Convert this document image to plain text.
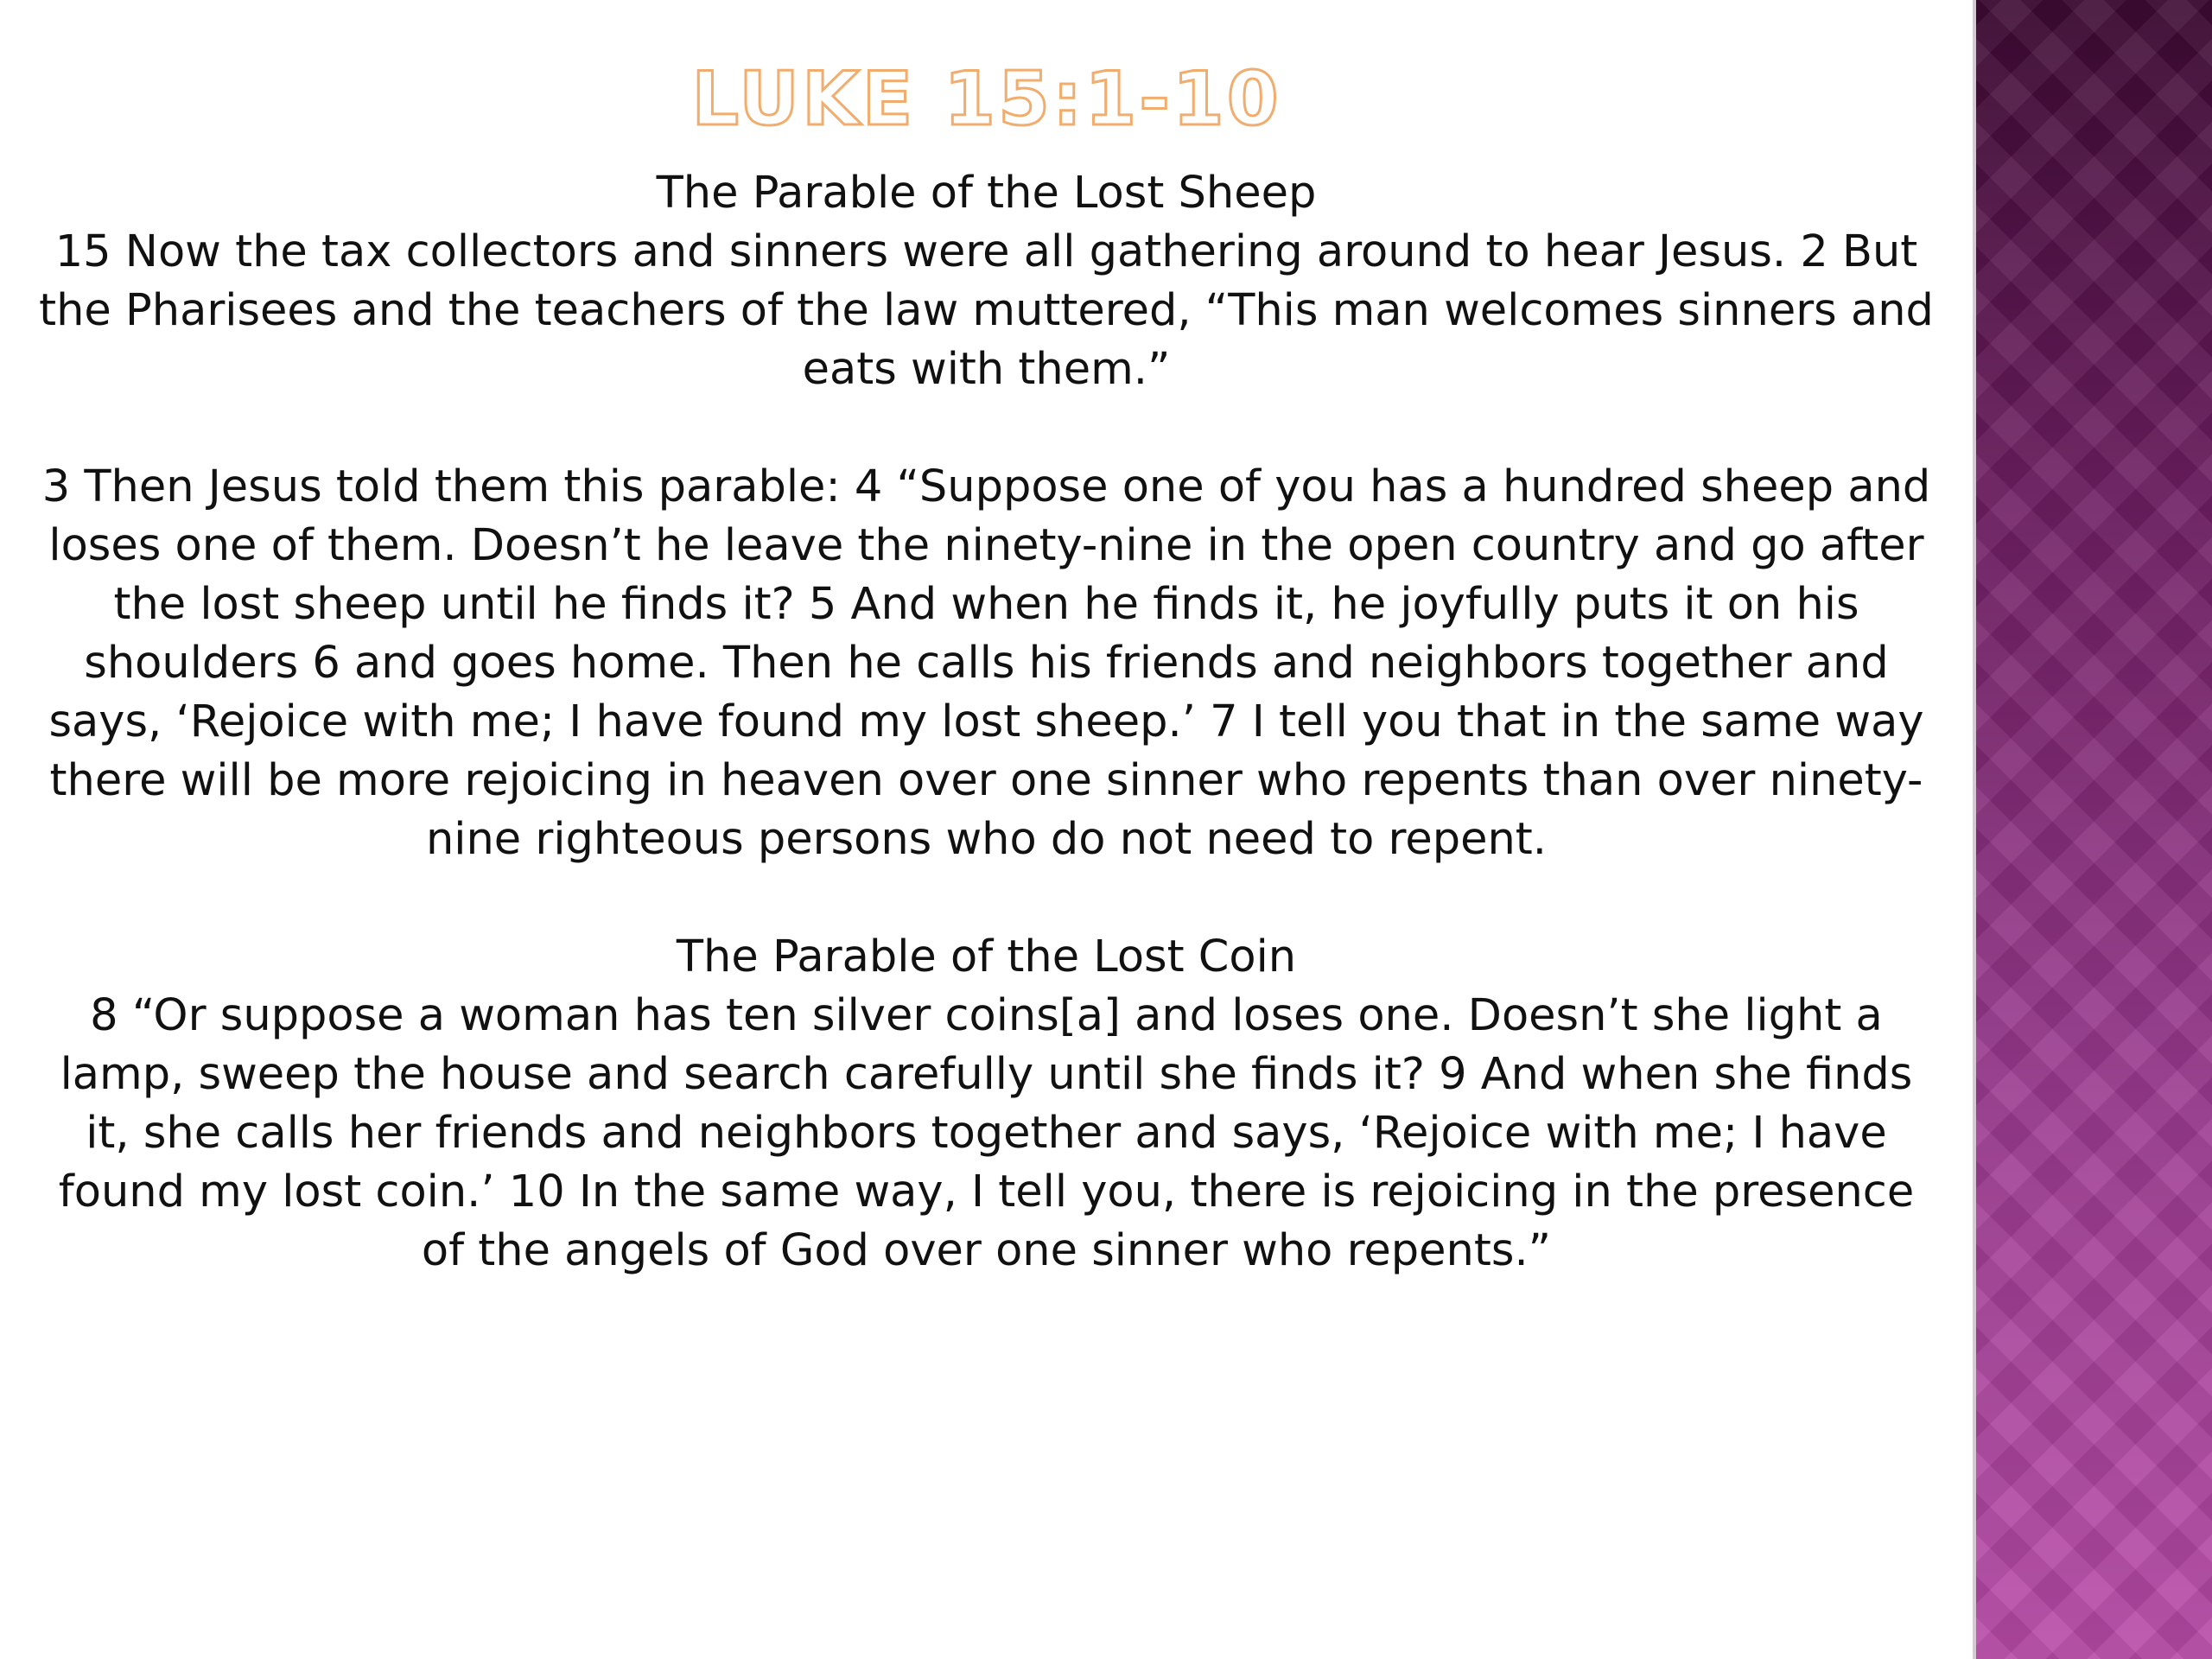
LUKE 15:1-10

The Parable of the Lost Sheep

15 Now the tax collectors and sinners were all gathering around to hear Jesus. 2 But the Pharisees and the teachers of the law muttered, “This man welcomes sinners and eats with them.”

3 Then Jesus told them this parable: 4 “Suppose one of you has a hundred sheep and loses one of them. Doesn’t he leave the ninety-nine in the open country and go after the lost sheep until he finds it? 5 And when he finds it, he joyfully puts it on his shoulders 6 and goes home. Then he calls his friends and neighbors together and says, ‘Rejoice with me; I have found my lost sheep.’ 7 I tell you that in the same way there will be more rejoicing in heaven over one sinner who repents than over ninety-nine righteous persons who do not need to repent.

The Parable of the Lost Coin

8 “Or suppose a woman has ten silver coins[a] and loses one. Doesn’t she light a lamp, sweep the house and search carefully until she finds it? 9 And when she finds it, she calls her friends and neighbors together and says, ‘Rejoice with me; I have found my lost coin.’ 10 In the same way, I tell you, there is rejoicing in the presence of the angels of God over one sinner who repents.”
